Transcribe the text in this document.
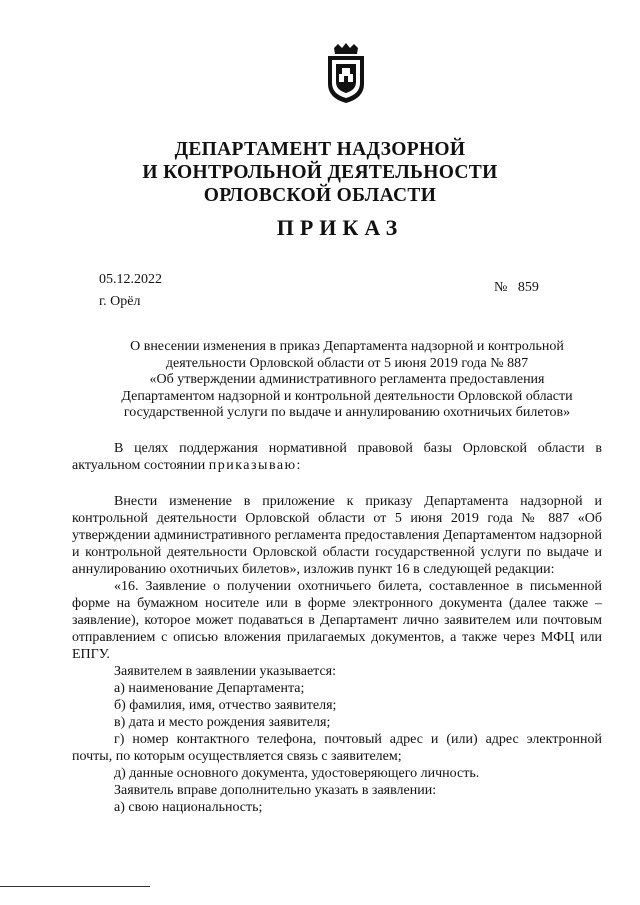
ДЕПАРТАМЕНТ НАДЗОРНОЙ
И КОНТРОЛЬНОЙ ДЕЯТЕЛЬНОСТИ
ОРЛОВСКОЙ ОБЛАСТИ
ПРИКАЗ
05.12.2022
г. Орёл
№ 859
О внесении изменения в приказ Департамента надзорной и контрольной
деятельности Орловской области от 5 июня 2019 года № 887
«Об утверждении административного регламента предоставления
Департаментом надзорной и контрольной деятельности Орловской области
государственной услуги по выдаче и аннулированию охотничьих билетов»

В целях поддержания нормативной правовой базы Орловской области в актуальном состоянии приказываю:

Внести изменение в приложение к приказу Департамента надзорной и контрольной деятельности Орловской области от 5 июня 2019 года № 887 «Об утверждении административного регламента предоставления Департаментом надзорной и контрольной деятельности Орловской области государственной услуги по выдаче и аннулированию охотничьих билетов», изложив пункт 16 в следующей редакции:

«16. Заявление о получении охотничьего билета, составленное в письменной форме на бумажном носителе или в форме электронного документа (далее также – заявление), которое может подаваться в Департамент лично заявителем или почтовым отправлением с описью вложения прилагаемых документов, а также через МФЦ или ЕПГУ.

Заявителем в заявлении указывается:

а) наименование Департамента;

б) фамилия, имя, отчество заявителя;

в) дата и место рождения заявителя;

г) номер контактного телефона, почтовый адрес и (или) адрес электронной почты, по которым осуществляется связь с заявителем;

д) данные основного документа, удостоверяющего личность.

Заявитель вправе дополнительно указать в заявлении:

а) свою национальность;
